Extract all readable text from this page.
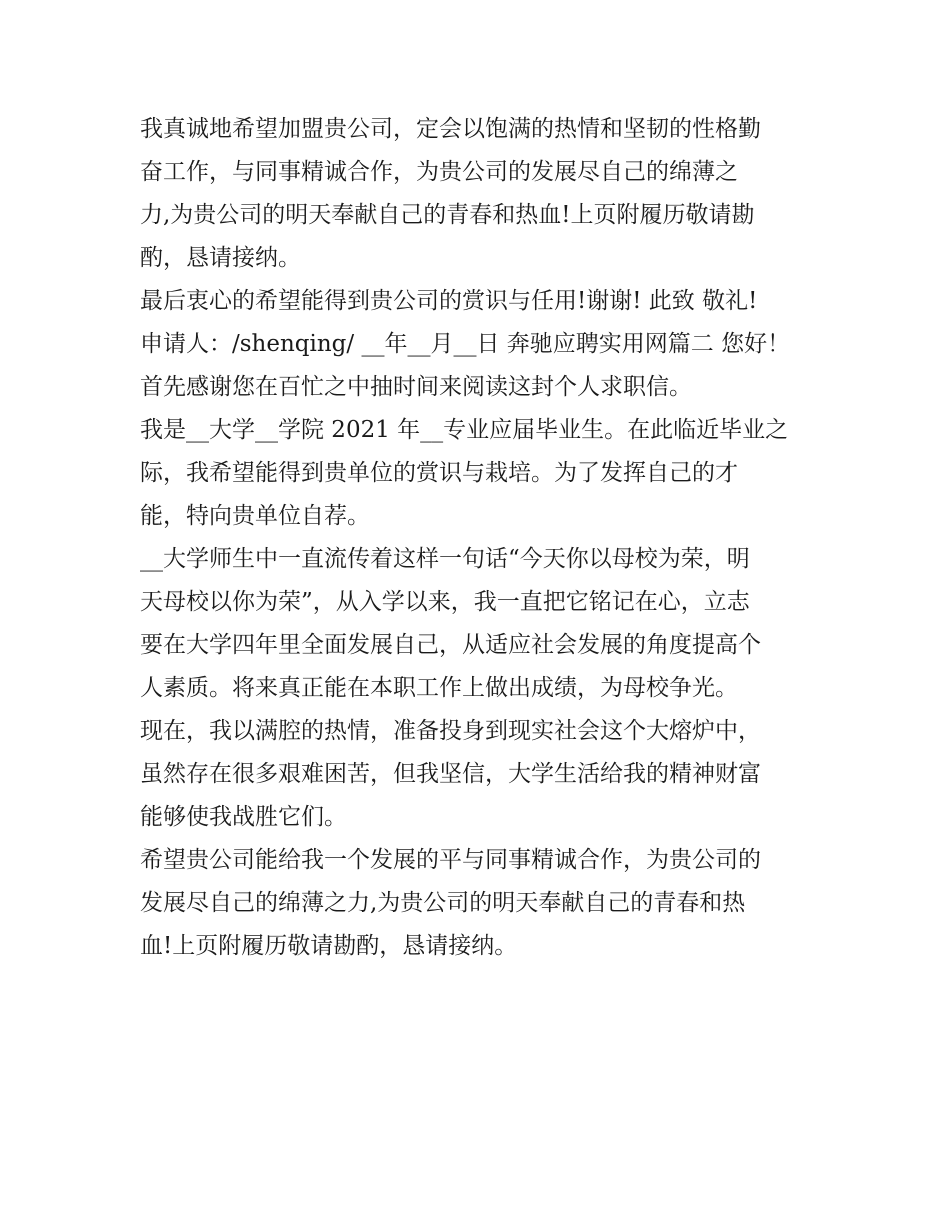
我真诚地希望加盟贵公司，定会以饱满的热情和坚韧的性格勤
奋工作，与同事精诚合作，为贵公司的发展尽自己的绵薄之
力,为贵公司的明天奉献自己的青春和热血!上页附履历敬请勘
酌，恳请接纳。
最后衷心的希望能得到贵公司的赏识与任用!谢谢! 此致 敬礼!
申请人：/shenqing/ __年__月__日 奔驰应聘实用网篇二 您好！
首先感谢您在百忙之中抽时间来阅读这封个人求职信。
我是__大学__学院 2021 年__专业应届毕业生。在此临近毕业之
际，我希望能得到贵单位的赏识与栽培。为了发挥自己的才
能，特向贵单位自荐。
__大学师生中一直流传着这样一句话“今天你以母校为荣，明
天母校以你为荣”，从入学以来，我一直把它铭记在心，立志
要在大学四年里全面发展自己，从适应社会发展的角度提高个
人素质。将来真正能在本职工作上做出成绩，为母校争光。
现在，我以满腔的热情，准备投身到现实社会这个大熔炉中，
虽然存在很多艰难困苦，但我坚信，大学生活给我的精神财富
能够使我战胜它们。
希望贵公司能给我一个发展的平与同事精诚合作，为贵公司的
发展尽自己的绵薄之力,为贵公司的明天奉献自己的青春和热
血!上页附履历敬请勘酌，恳请接纳。
